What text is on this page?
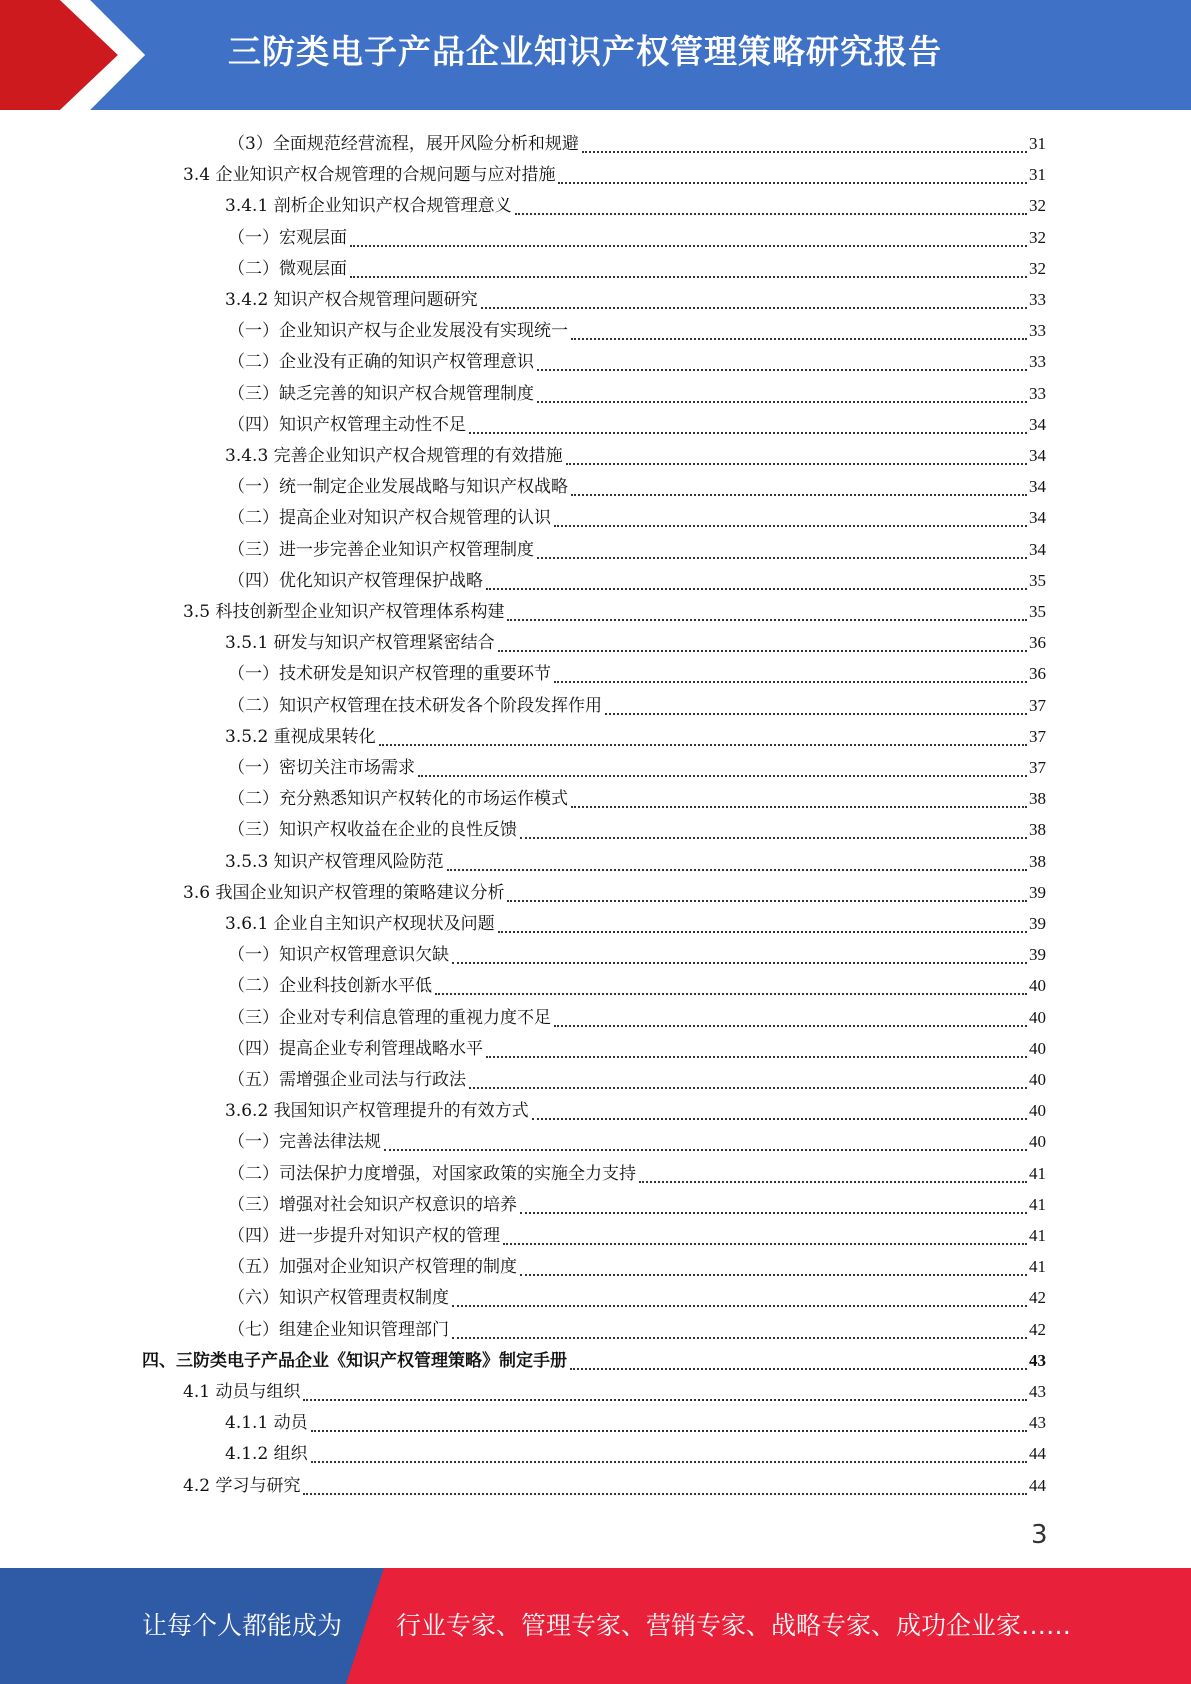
三防类电子产品企业知识产权管理策略研究报告
（3）全面规范经营流程，展开风险分析和规避	31
3.4 企业知识产权合规管理的合规问题与应对措施	31
3.4.1 剖析企业知识产权合规管理意义	32
（一）宏观层面	32
（二）微观层面	32
3.4.2 知识产权合规管理问题研究	33
（一）企业知识产权与企业发展没有实现统一	33
（二）企业没有正确的知识产权管理意识	33
（三）缺乏完善的知识产权合规管理制度	33
（四）知识产权管理主动性不足	34
3.4.3 完善企业知识产权合规管理的有效措施	34
（一）统一制定企业发展战略与知识产权战略	34
（二）提高企业对知识产权合规管理的认识	34
（三）进一步完善企业知识产权管理制度	34
（四）优化知识产权管理保护战略	35
3.5 科技创新型企业知识产权管理体系构建	35
3.5.1 研发与知识产权管理紧密结合	36
（一）技术研发是知识产权管理的重要环节	36
（二）知识产权管理在技术研发各个阶段发挥作用	37
3.5.2 重视成果转化	37
（一）密切关注市场需求	37
（二）充分熟悉知识产权转化的市场运作模式	38
（三）知识产权收益在企业的良性反馈	38
3.5.3 知识产权管理风险防范	38
3.6 我国企业知识产权管理的策略建议分析	39
3.6.1 企业自主知识产权现状及问题	39
（一）知识产权管理意识欠缺	39
（二）企业科技创新水平低	40
（三）企业对专利信息管理的重视力度不足	40
（四）提高企业专利管理战略水平	40
（五）需增强企业司法与行政法	40
3.6.2 我国知识产权管理提升的有效方式	40
（一）完善法律法规	40
（二）司法保护力度增强，对国家政策的实施全力支持	41
（三）增强对社会知识产权意识的培养	41
（四）进一步提升对知识产权的管理	41
（五）加强对企业知识产权管理的制度	41
（六）知识产权管理责权制度	42
（七）组建企业知识管理部门	42
四、三防类电子产品企业《知识产权管理策略》制定手册	43
4.1 动员与组织	43
4.1.1 动员	43
4.1.2 组织	44
4.2 学习与研究	44
3
让每个人都能成为 行业专家、管理专家、营销专家、战略专家、成功企业家……
